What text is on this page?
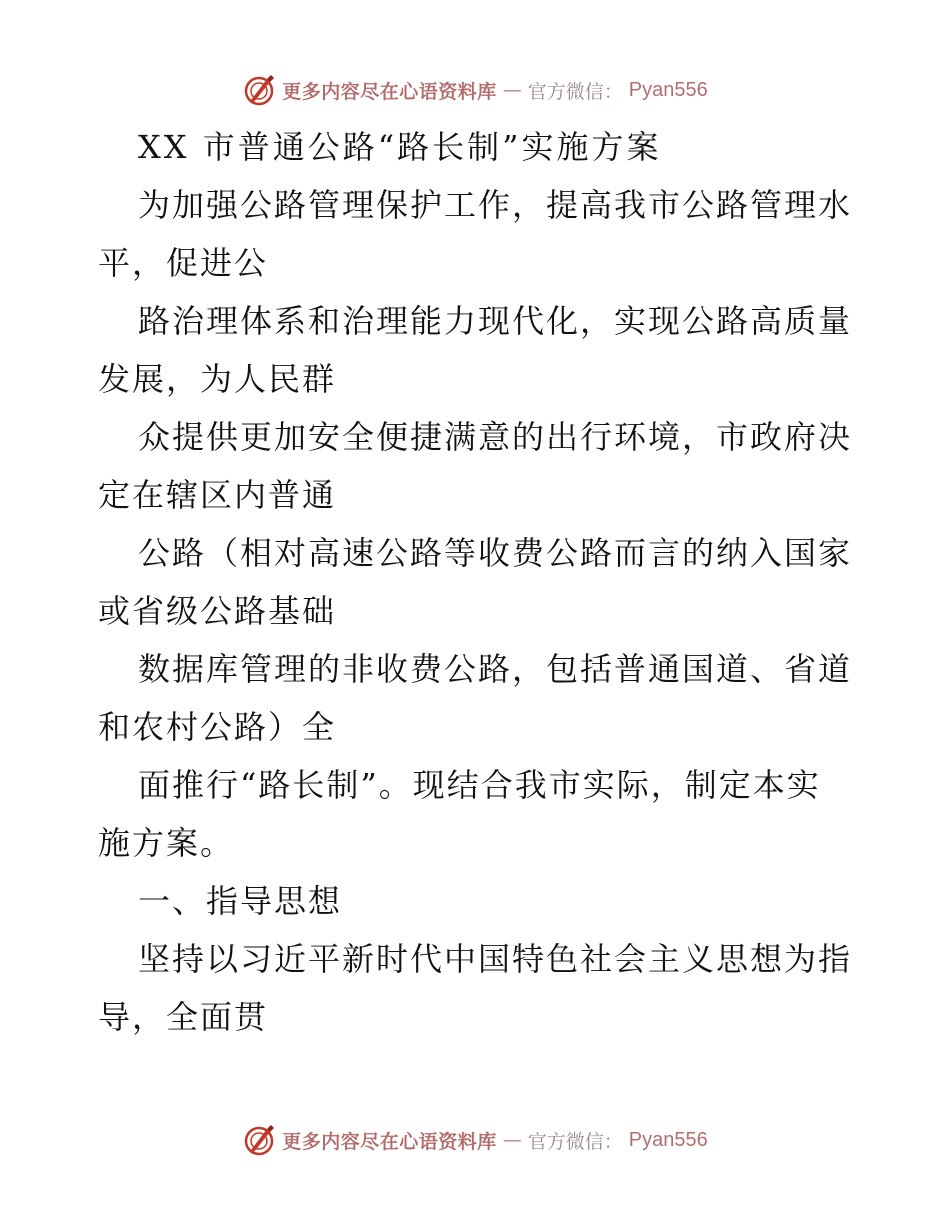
更多内容尽在心语资料库 — 官方微信： Pyan556
XX 市普通公路“路长制”实施方案
为加强公路管理保护工作，提高我市公路管理水
平，促进公
路治理体系和治理能力现代化，实现公路高质量
发展，为人民群
众提供更加安全便捷满意的出行环境，市政府决
定在辖区内普通
公路（相对高速公路等收费公路而言的纳入国家
或省级公路基础
数据库管理的非收费公路，包括普通国道、省道
和农村公路）全
面推行“路长制”。现结合我市实际，制定本实
施方案。
一、指导思想
坚持以习近平新时代中国特色社会主义思想为指
导，全面贯
更多内容尽在心语资料库 — 官方微信： Pyan556
